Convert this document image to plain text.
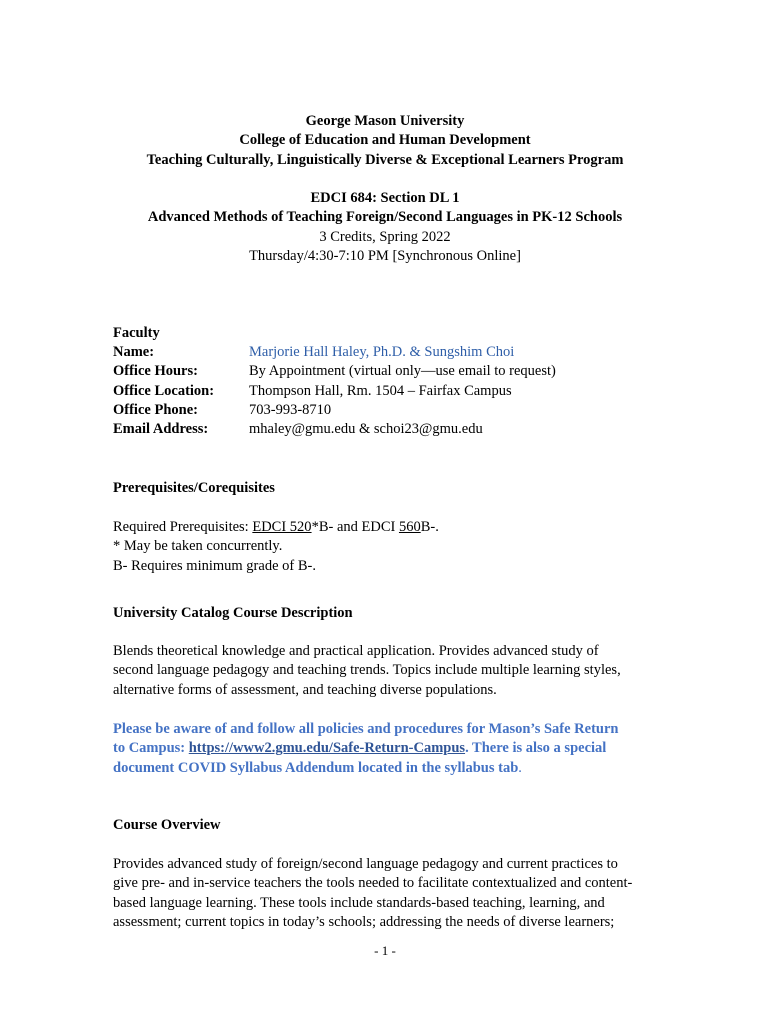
George Mason University
College of Education and Human Development
Teaching Culturally, Linguistically Diverse & Exceptional Learners Program
EDCI 684: Section DL 1
Advanced Methods of Teaching Foreign/Second Languages in PK-12 Schools
3 Credits, Spring 2022
Thursday/4:30-7:10 PM [Synchronous Online]
Faculty
Name:	Marjorie Hall Haley, Ph.D. & Sungshim Choi
Office Hours:	By Appointment (virtual only—use email to request)
Office Location:	Thompson Hall, Rm. 1504 – Fairfax Campus
Office Phone:	703-993-8710
Email Address:	mhaley@gmu.edu & schoi23@gmu.edu
Prerequisites/Corequisites
Required Prerequisites: EDCI 520*B- and EDCI 560B-.
* May be taken concurrently.
B- Requires minimum grade of B-.
University Catalog Course Description
Blends theoretical knowledge and practical application. Provides advanced study of
second language pedagogy and teaching trends. Topics include multiple learning styles,
alternative forms of assessment, and teaching diverse populations.
Please be aware of and follow all policies and procedures for Mason’s Safe Return
to Campus: https://www2.gmu.edu/Safe-Return-Campus. There is also a special
document COVID Syllabus Addendum located in the syllabus tab.
Course Overview
Provides advanced study of foreign/second language pedagogy and current practices to
give pre- and in-service teachers the tools needed to facilitate contextualized and content-
based language learning. These tools include standards-based teaching, learning, and
assessment; current topics in today’s schools; addressing the needs of diverse learners;
- 1 -
